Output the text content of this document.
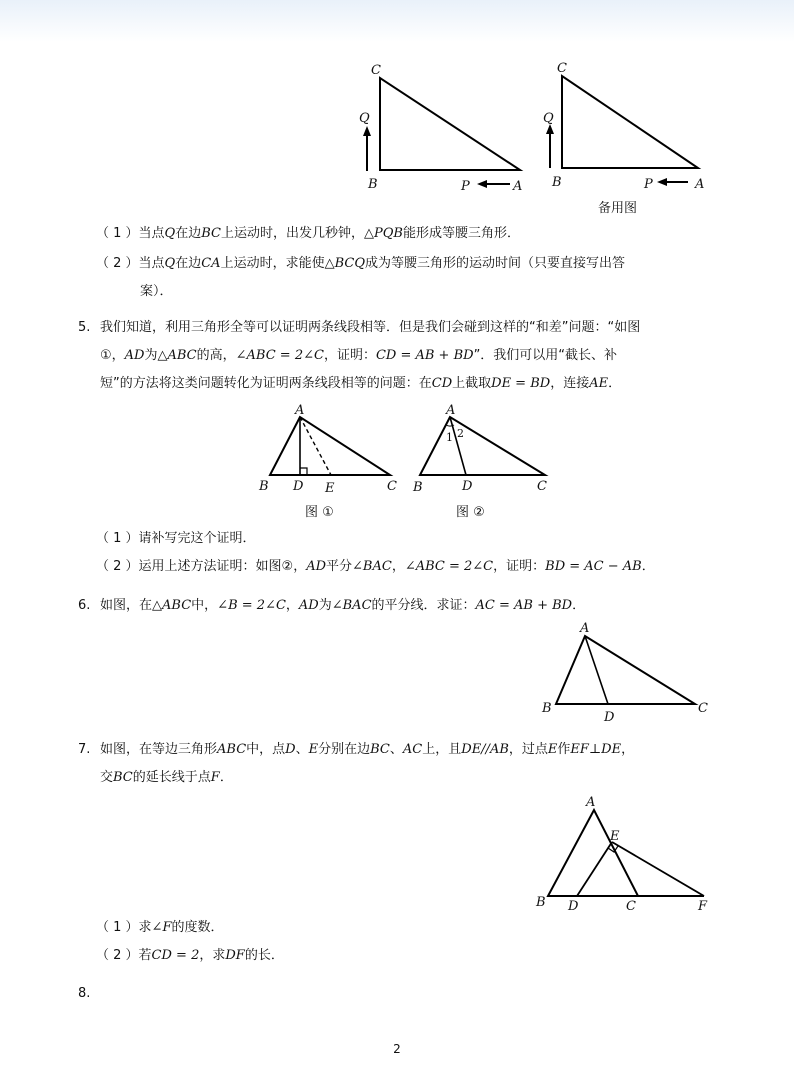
C
Q
B	P	A
C
Q
B	P	A
备用图
（ 1 ）当点Q在边BC上运动时，出发几秒钟，△PQB能形成等腰三角形．
（ 2 ）当点Q在边CA上运动时，求能使△BCQ成为等腰三角形的运动时间（只要直接写出答
案）．
5. 我们知道，利用三角形全等可以证明两条线段相等．但是我们会碰到这样的“和差”问题：“如图
①，AD为△ABC的高，∠ABC = 2∠C，证明：CD = AB + BD”．我们可以用“截长、补
短”的方法将这类问题转化为证明两条线段相等的问题：在CD上截取DE = BD，连接AE．
A
B D E	C
图 ①
A
1 2
B	D	C
图 ②
（ 1 ）请补写完这个证明．
（ 2 ）运用上述方法证明：如图②，AD平分∠BAC，∠ABC = 2∠C，证明：BD = AC − AB．
6. 如图，在△ABC中，∠B = 2∠C，AD为∠BAC的平分线．求证：AC = AB + BD．
A
B
D
C
7. 如图，在等边三角形ABC中，点D、E分别在边BC、AC上，且DE//AB，过点E作EF⊥DE，
交BC的延长线于点F．
A
E
B D	C	F
（ 1 ）求∠F的度数．
（ 2 ）若CD = 2，求DF的长．
8.
2
